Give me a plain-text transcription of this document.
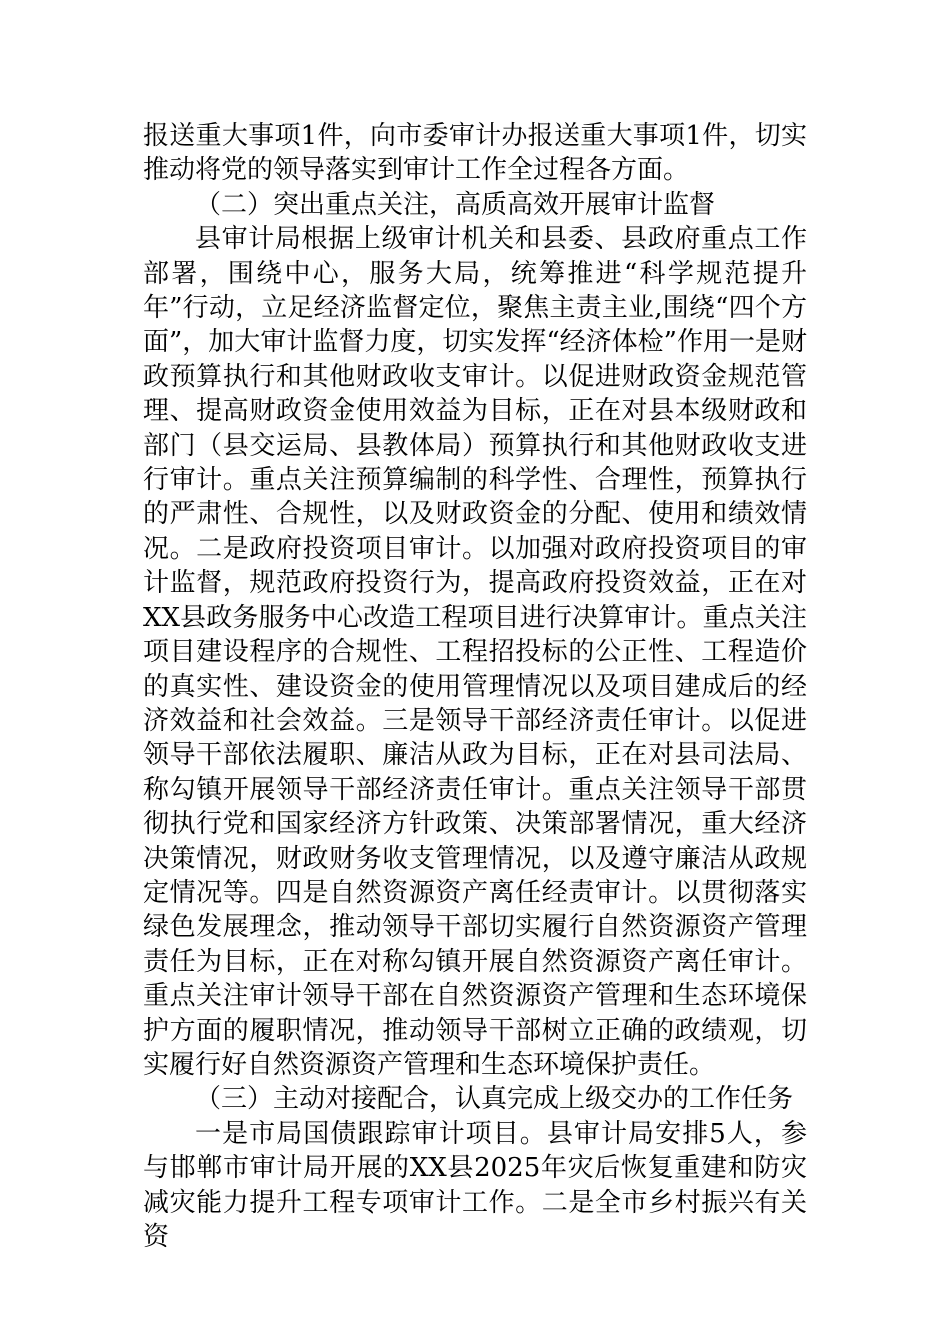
报送重大事项1件，向市委审计办报送重大事项1件，切实推动将党的领导落实到审计工作全过程各方面。

（二）突出重点关注，高质高效开展审计监督

县审计局根据上级审计机关和县委、县政府重点工作部署，围绕中心，服务大局，统筹推进“科学规范提升年”行动，立足经济监督定位，聚焦主责主业,围绕“四个方面”，加大审计监督力度，切实发挥“经济体检”作用一是财政预算执行和其他财政收支审计。以促进财政资金规范管理、提高财政资金使用效益为目标，正在对县本级财政和部门（县交运局、县教体局）预算执行和其他财政收支进行审计。重点关注预算编制的科学性、合理性，预算执行的严肃性、合规性，以及财政资金的分配、使用和绩效情况。二是政府投资项目审计。以加强对政府投资项目的审计监督，规范政府投资行为，提高政府投资效益，正在对XX县政务服务中心改造工程项目进行决算审计。重点关注项目建设程序的合规性、工程招投标的公正性、工程造价的真实性、建设资金的使用管理情况以及项目建成后的经济效益和社会效益。三是领导干部经济责任审计。以促进领导干部依法履职、廉洁从政为目标，正在对县司法局、称勾镇开展领导干部经济责任审计。重点关注领导干部贯彻执行党和国家经济方针政策、决策部署情况，重大经济决策情况，财政财务收支管理情况，以及遵守廉洁从政规定情况等。四是自然资源资产离任经责审计。以贯彻落实绿色发展理念，推动领导干部切实履行自然资源资产管理责任为目标，正在对称勾镇开展自然资源资产离任审计。重点关注审计领导干部在自然资源资产管理和生态环境保护方面的履职情况，推动领导干部树立正确的政绩观，切实履行好自然资源资产管理和生态环境保护责任。

（三）主动对接配合，认真完成上级交办的工作任务

一是市局国债跟踪审计项目。县审计局安排5人，参与邯郸市审计局开展的XX县2025年灾后恢复重建和防灾减灾能力提升工程专项审计工作。二是全市乡村振兴有关资
